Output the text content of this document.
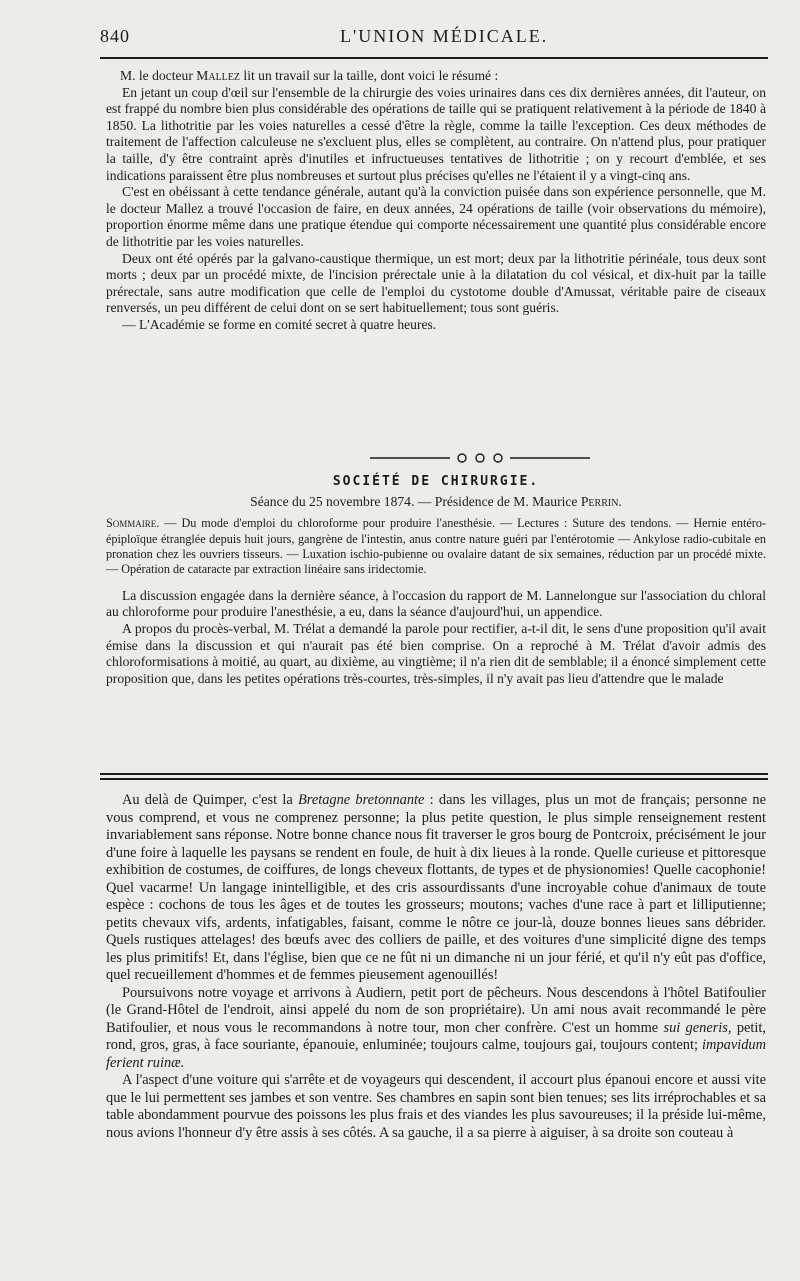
840	L'UNION MÉDICALE.

M. le docteur Mallez lit un travail sur la taille, dont voici le résumé :

En jetant un coup d'œil sur l'ensemble de la chirurgie des voies urinaires dans ces dix dernières années, dit l'auteur, on est frappé du nombre bien plus considérable des opérations de taille qui se pratiquent relativement à la période de 1840 à 1850. La lithotritie par les voies naturelles a cessé d'être la règle, comme la taille l'exception. Ces deux méthodes de traitement de l'affection calculeuse ne s'excluent plus, elles se complètent, au contraire. On n'attend plus, pour pratiquer la taille, d'y être contraint après d'inutiles et infructueuses tentatives de lithotritie ; on y recourt d'emblée, et ses indications paraissent être plus nombreuses et surtout plus précises qu'elles ne l'étaient il y a vingt-cinq ans.

C'est en obéissant à cette tendance générale, autant qu'à la conviction puisée dans son expérience personnelle, que M. le docteur Mallez a trouvé l'occasion de faire, en deux années, 24 opérations de taille (voir observations du mémoire), proportion énorme même dans une pratique étendue qui comporte nécessairement une quantité plus considérable encore de lithotritie par les voies naturelles.

Deux ont été opérés par la galvano-caustique thermique, un est mort; deux par la lithotritie périnéale, tous deux sont morts ; deux par un procédé mixte, de l'incision prérectale unie à la dilatation du col vésical, et dix-huit par la taille prérectale, sans autre modification que celle de l'emploi du cystotome double d'Amussat, véritable paire de ciseaux renversés, un peu différent de celui dont on se sert habituellement; tous sont guéris.

— L'Académie se forme en comité secret à quatre heures.

SOCIÉTÉ DE CHIRURGIE.
Séance du 25 novembre 1874. — Présidence de M. Maurice Perrin.
Sommaire. — Du mode d'emploi du chloroforme pour produire l'anesthésie. — Lectures : Suture des tendons. — Hernie entéro-épiploïque étranglée depuis huit jours, gangrène de l'intestin, anus contre nature guéri par l'entérotomie — Ankylose radio-cubitale en pronation chez les ouvriers tisseurs. — Luxation ischio-pubienne ou ovalaire datant de six semaines, réduction par un procédé mixte. — Opération de cataracte par extraction linéaire sans iridectomie.

La discussion engagée dans la dernière séance, à l'occasion du rapport de M. Lannelongue sur l'association du chloral au chloroforme pour produire l'anesthésie, a eu, dans la séance d'aujourd'hui, un appendice.

A propos du procès-verbal, M. Trélat a demandé la parole pour rectifier, a-t-il dit, le sens d'une proposition qu'il avait émise dans la discussion et qui n'aurait pas été bien comprise. On a reproché à M. Trélat d'avoir admis des chloroformisations à moitié, au quart, au dixième, au vingtième; il n'a rien dit de semblable; il a énoncé simplement cette proposition que, dans les petites opérations très-courtes, très-simples, il n'y avait pas lieu d'attendre que le malade

Au delà de Quimper, c'est la Bretagne bretonnante : dans les villages, plus un mot de français; personne ne vous comprend, et vous ne comprenez personne; la plus petite question, le plus simple renseignement restent invariablement sans réponse. Notre bonne chance nous fit traverser le gros bourg de Pontcroix, précisément le jour d'une foire à laquelle les paysans se rendent en foule, de huit à dix lieues à la ronde. Quelle curieuse et pittoresque exhibition de costumes, de coiffures, de longs cheveux flottants, de types et de physionomies! Quelle cacophonie! Quel vacarme! Un langage inintelligible, et des cris assourdissants d'une incroyable cohue d'animaux de toute espèce : cochons de tous les âges et de toutes les grosseurs; moutons; vaches d'une race à part et lilliputienne; petits chevaux vifs, ardents, infatigables, faisant, comme le nôtre ce jour-là, douze bonnes lieues sans débrider. Quels rustiques attelages! des bœufs avec des colliers de paille, et des voitures d'une simplicité digne des temps les plus primitifs! Et, dans l'église, bien que ce ne fût ni un dimanche ni un jour férié, et qu'il n'y eût pas d'office, quel recueillement d'hommes et de femmes pieusement agenouillés!

Poursuivons notre voyage et arrivons à Audiern, petit port de pêcheurs. Nous descendons à l'hôtel Batifoulier (le Grand-Hôtel de l'endroit, ainsi appelé du nom de son propriétaire). Un ami nous avait recommandé le père Batifoulier, et nous vous le recommandons à notre tour, mon cher confrère. C'est un homme sui generis, petit, rond, gros, gras, à face souriante, épanouie, enluminée; toujours calme, toujours gai, toujours content; impavidum ferient ruinæ.

A l'aspect d'une voiture qui s'arrête et de voyageurs qui descendent, il accourt plus épanoui encore et aussi vite que le lui permettent ses jambes et son ventre. Ses chambres en sapin sont bien tenues; ses lits irréprochables et sa table abondamment pourvue des poissons les plus frais et des viandes les plus savoureuses; il la préside lui-même, nous avions l'honneur d'y être assis à ses côtés. A sa gauche, il a sa pierre à aiguiser, à sa droite son couteau à
